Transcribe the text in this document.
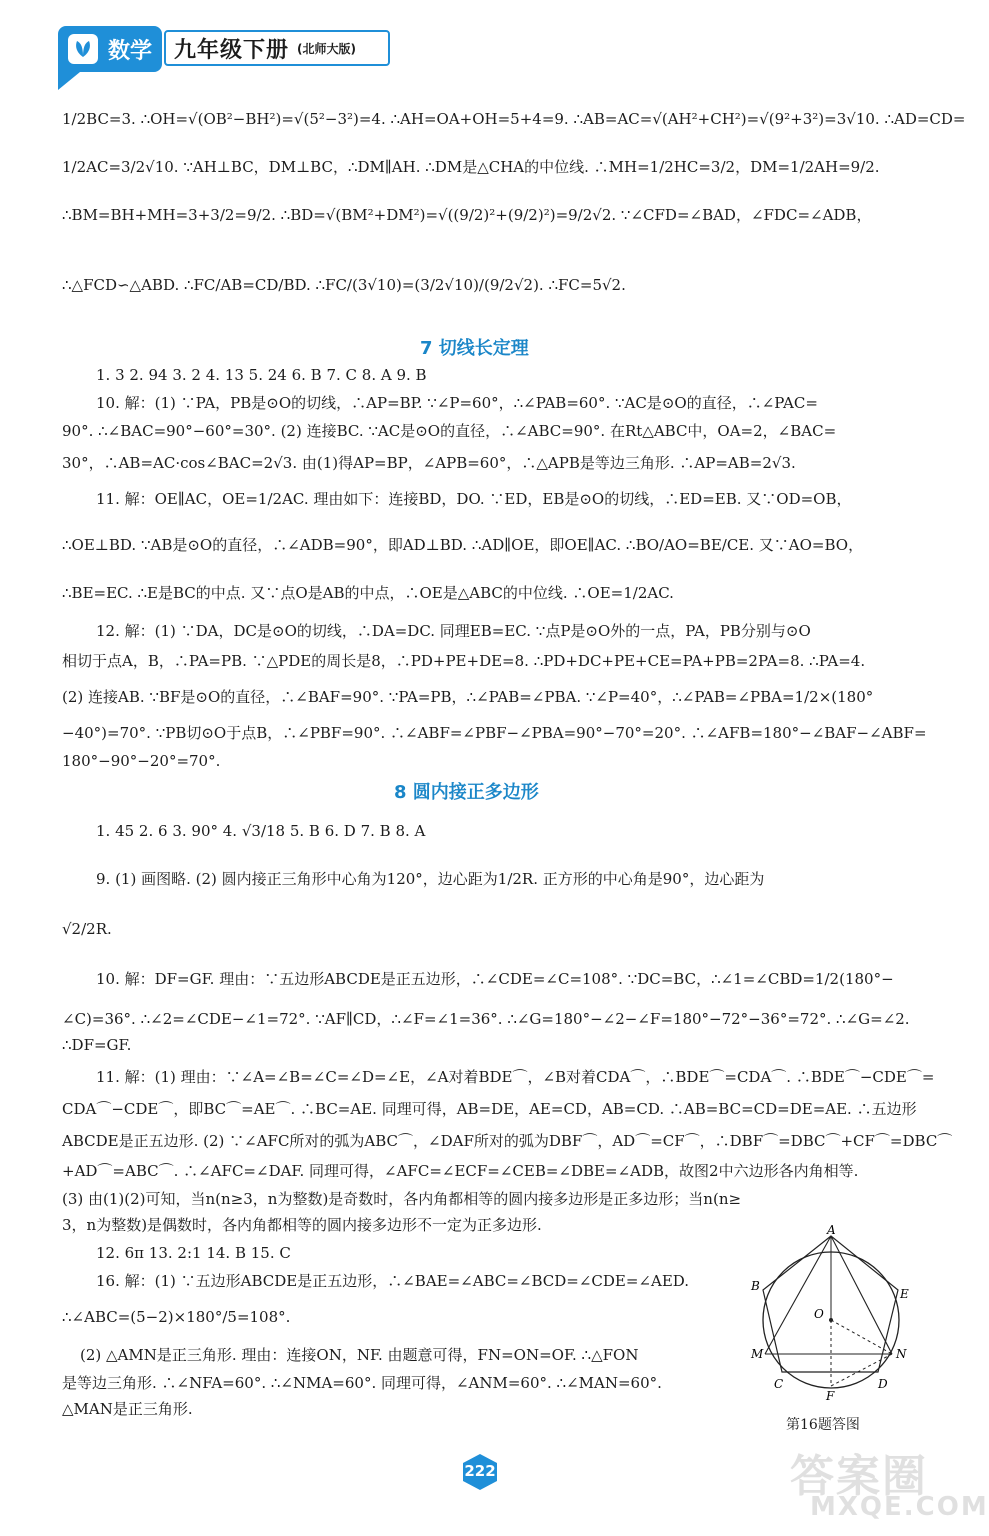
数学 九年级下册 (北师大版)
1/2BC=3. ∴OH=√(OB²−BH²)=√(5²−3²)=4. ∴AH=OA+OH=5+4=9. ∴AB=AC=√(AH²+CH²)=√(9²+3²)=3√10. ∴AD=CD=
1/2AC=3/2√10. ∵AH⊥BC，DM⊥BC，∴DM∥AH. ∴DM是△CHA的中位线. ∴MH=1/2HC=3/2，DM=1/2AH=9/2.
∴BM=BH+MH=3+3/2=9/2. ∴BD=√(BM²+DM²)=√((9/2)²+(9/2)²)=9/2√2. ∵∠CFD=∠BAD，∠FDC=∠ADB，
∴△FCD∽△ABD. ∴FC/AB=CD/BD. ∴FC/(3√10)=(3/2√10)/(9/2√2). ∴FC=5√2.
7 切线长定理
1. 3 2. 94 3. 2 4. 13 5. 24 6. B 7. C 8. A 9. B
10. 解：(1) ∵PA，PB是⊙O的切线，∴AP=BP. ∵∠P=60°，∴∠PAB=60°. ∵AC是⊙O的直径，∴∠PAC=
90°. ∴∠BAC=90°−60°=30°. (2) 连接BC. ∵AC是⊙O的直径，∴∠ABC=90°. 在Rt△ABC中，OA=2，∠BAC=
30°，∴AB=AC·cos∠BAC=2√3. 由(1)得AP=BP，∠APB=60°，∴△APB是等边三角形. ∴AP=AB=2√3.
11. 解：OE∥AC，OE=1/2AC. 理由如下：连接BD，DO. ∵ED，EB是⊙O的切线，∴ED=EB. 又∵OD=OB，
∴OE⊥BD. ∵AB是⊙O的直径，∴∠ADB=90°，即AD⊥BD. ∴AD∥OE，即OE∥AC. ∴BO/AO=BE/CE. 又∵AO=BO，
∴BE=EC. ∴E是BC的中点. 又∵点O是AB的中点，∴OE是△ABC的中位线. ∴OE=1/2AC.
12. 解：(1) ∵DA，DC是⊙O的切线，∴DA=DC. 同理EB=EC. ∵点P是⊙O外的一点，PA，PB分别与⊙O
相切于点A，B，∴PA=PB. ∵△PDE的周长是8，∴PD+PE+DE=8. ∴PD+DC+PE+CE=PA+PB=2PA=8. ∴PA=4.
(2) 连接AB. ∵BF是⊙O的直径，∴∠BAF=90°. ∵PA=PB，∴∠PAB=∠PBA. ∵∠P=40°，∴∠PAB=∠PBA=1/2×(180°
−40°)=70°. ∵PB切⊙O于点B，∴∠PBF=90°. ∴∠ABF=∠PBF−∠PBA=90°−70°=20°. ∴∠AFB=180°−∠BAF−∠ABF=
180°−90°−20°=70°.
8 圆内接正多边形
1. 45 2. 6 3. 90° 4. √3/18 5. B 6. D 7. B 8. A
9. (1) 画图略. (2) 圆内接正三角形中心角为120°，边心距为1/2R. 正方形的中心角是90°，边心距为
√2/2R.
10. 解：DF=GF. 理由：∵五边形ABCDE是正五边形，∴∠CDE=∠C=108°. ∵DC=BC，∴∠1=∠CBD=1/2(180°−
∠C)=36°. ∴∠2=∠CDE−∠1=72°. ∵AF∥CD，∴∠F=∠1=36°. ∴∠G=180°−∠2−∠F=180°−72°−36°=72°. ∴∠G=∠2.
∴DF=GF.
11. 解：(1) 理由：∵∠A=∠B=∠C=∠D=∠E，∠A对着BDE⌒，∠B对着CDA⌒，∴BDE⌒=CDA⌒. ∴BDE⌒−CDE⌒=
CDA⌒−CDE⌒，即BC⌒=AE⌒. ∴BC=AE. 同理可得，AB=DE，AE=CD，AB=CD. ∴AB=BC=CD=DE=AE. ∴五边形
ABCDE是正五边形. (2) ∵∠AFC所对的弧为ABC⌒，∠DAF所对的弧为DBF⌒，AD⌒=CF⌒，∴DBF⌒=DBC⌒+CF⌒=DBC⌒
+AD⌒=ABC⌒. ∴∠AFC=∠DAF. 同理可得，∠AFC=∠ECF=∠CEB=∠DBE=∠ADB，故图2中六边形各内角相等.
(3) 由(1)(2)可知，当n(n≥3，n为整数)是奇数时，各内角都相等的圆内接多边形是正多边形；当n(n≥
3，n为整数)是偶数时，各内角都相等的圆内接多边形不一定为正多边形.
12. 6π 13. 2:1 14. B 15. C
16. 解：(1) ∵五边形ABCDE是正五边形，∴∠BAE=∠ABC=∠BCD=∠CDE=∠AED.
∴∠ABC=(5−2)×180°/5=108°.
(2) △AMN是正三角形. 理由：连接ON，NF. 由题意可得，FN=ON=OF. ∴△FON
是等边三角形. ∴∠NFA=60°. ∴∠NMA=60°. 同理可得，∠ANM=60°. ∴∠MAN=60°.
△MAN是正三角形.
A
B
E
O
M	N
C
F
D
第16题答图
222	答案圈
MXQE.COM
